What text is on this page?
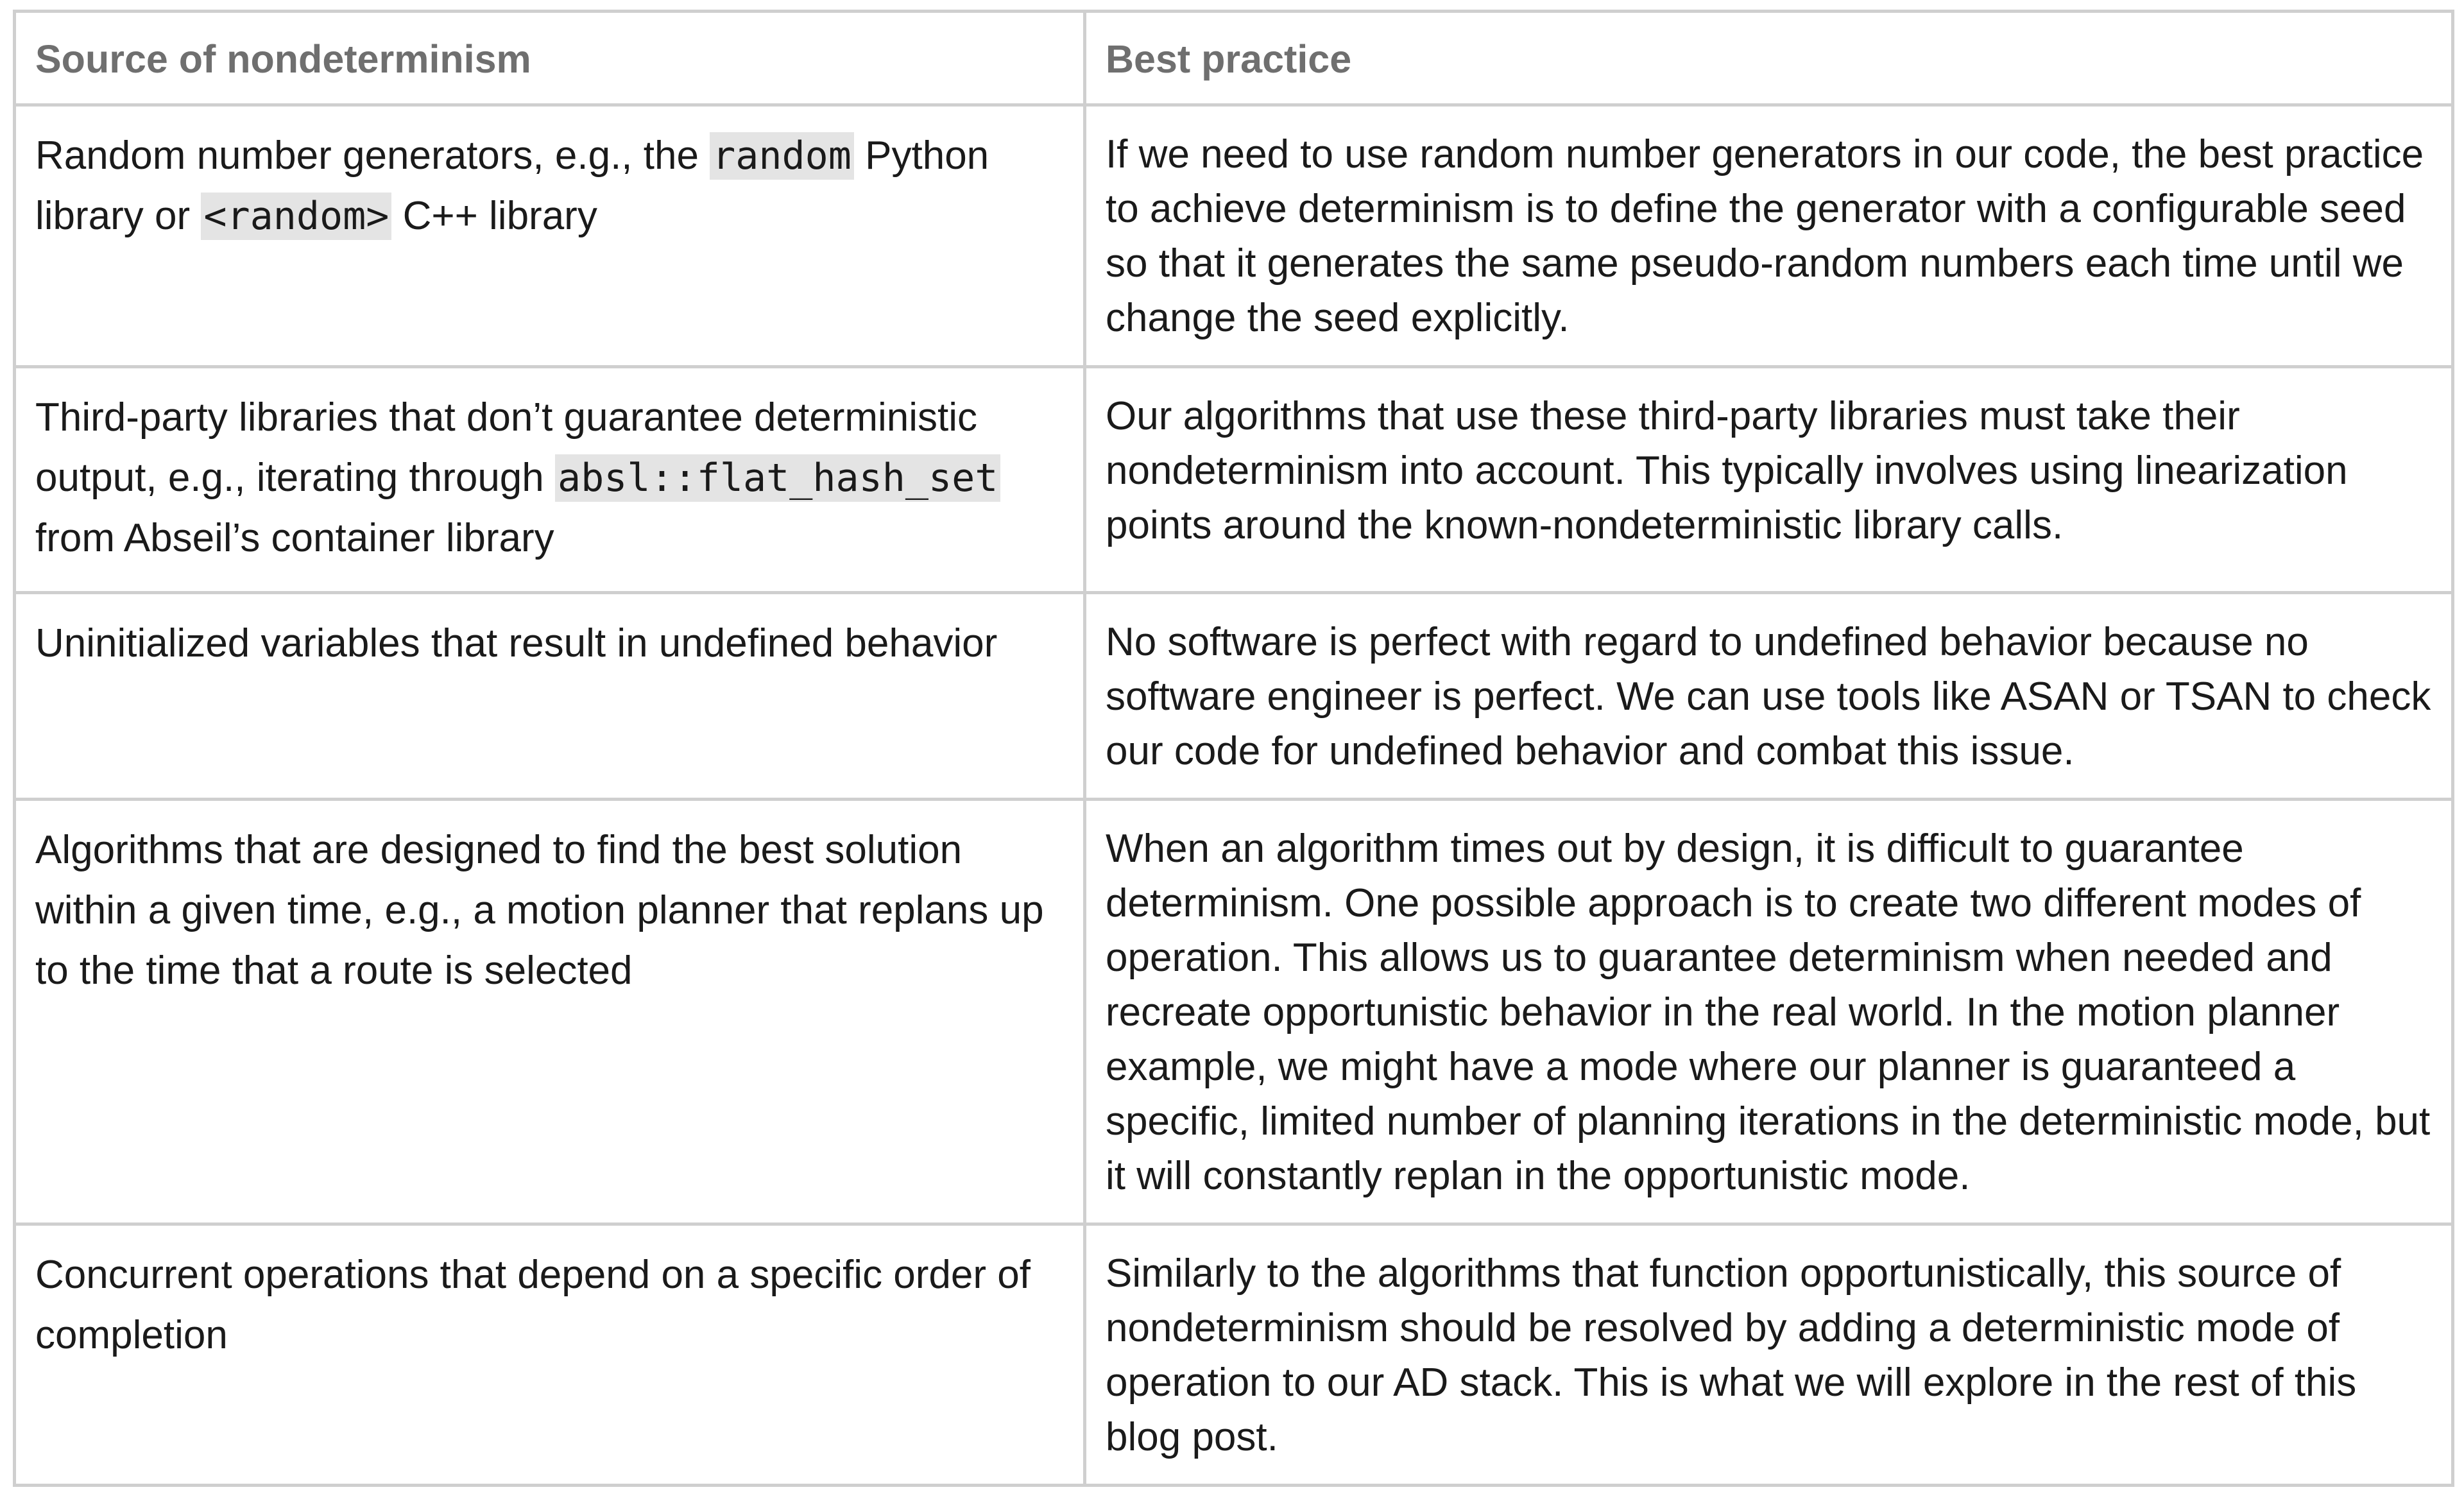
Source of nondeterminism	Best practice
Random number generators, e.g., the random Python library or <random> C++ library	If we need to use random number generators in our code, the best practice to achieve determinism is to define the generator with a configurable seed so that it generates the same pseudo-random numbers each time until we change the seed explicitly.
Third-party libraries that don’t guarantee deterministic output, e.g., iterating through absl::flat_hash_set from Abseil’s container library	Our algorithms that use these third-party libraries must take their nondeterminism into account. This typically involves using linearization points around the known-nondeterministic library calls.
Uninitialized variables that result in undefined behavior	No software is perfect with regard to undefined behavior because no software engineer is perfect. We can use tools like ASAN or TSAN to check our code for undefined behavior and combat this issue.
Algorithms that are designed to find the best solution within a given time, e.g., a motion planner that replans up to the time that a route is selected	When an algorithm times out by design, it is difficult to guarantee determinism. One possible approach is to create two different modes of operation. This allows us to guarantee determinism when needed and recreate opportunistic behavior in the real world. In the motion planner example, we might have a mode where our planner is guaranteed a specific, limited number of planning iterations in the deterministic mode, but it will constantly replan in the opportunistic mode.
Concurrent operations that depend on a specific order of completion	Similarly to the algorithms that function opportunistically, this source of nondeterminism should be resolved by adding a deterministic mode of operation to our AD stack. This is what we will explore in the rest of this blog post.
